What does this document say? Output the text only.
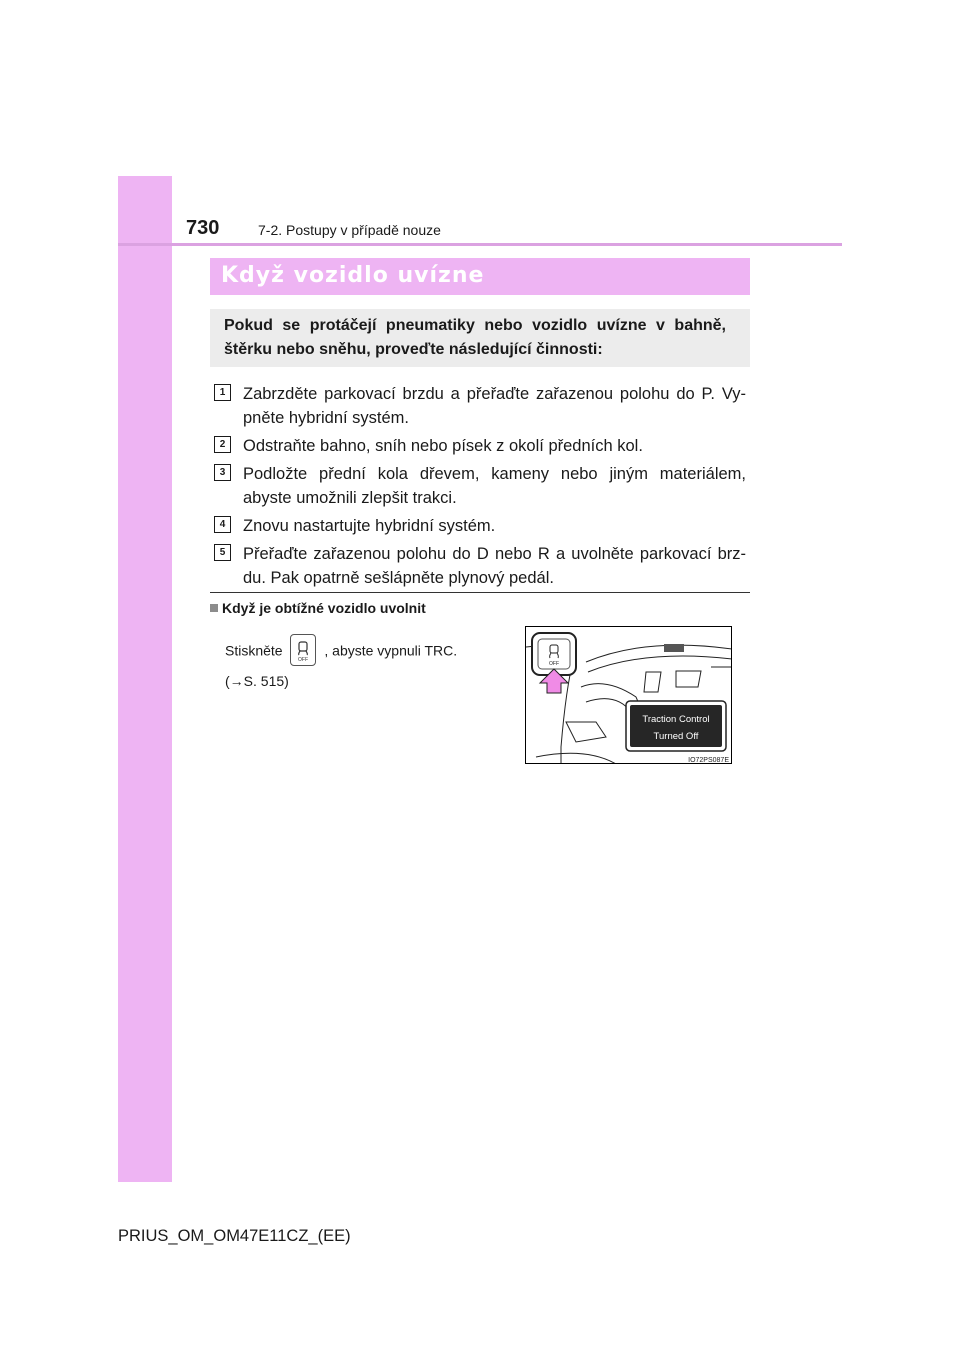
730	7-2. Postupy v případě nouze
Když vozidlo uvízne
Pokud se protáčejí pneumatiky nebo vozidlo uvízne v bahně, štěrku nebo sněhu, proveďte následující činnosti:
1	Zabrzděte parkovací brzdu a přeřaďte zařazenou polohu do P. Vy-pněte hybridní systém.
2	Odstraňte bahno, sníh nebo písek z okolí předních kol.
3	Podložte přední kola dřevem, kameny nebo jiným materiálem, abyste umožnili zlepšit trakci.
4	Znovu nastartujte hybridní systém.
5	Přeřaďte zařazenou polohu do D nebo R a uvolněte parkovací brz-du. Pak opatrně sešlápněte plynový pedál.
Když je obtížné vozidlo uvolnit
Stiskněte
OFF
, abyste vypnuli TRC.
(→S. 515)
OFF
Traction Control
Turned Off
IO72PS087E
PRIUS_OM_OM47E11CZ_(EE)
